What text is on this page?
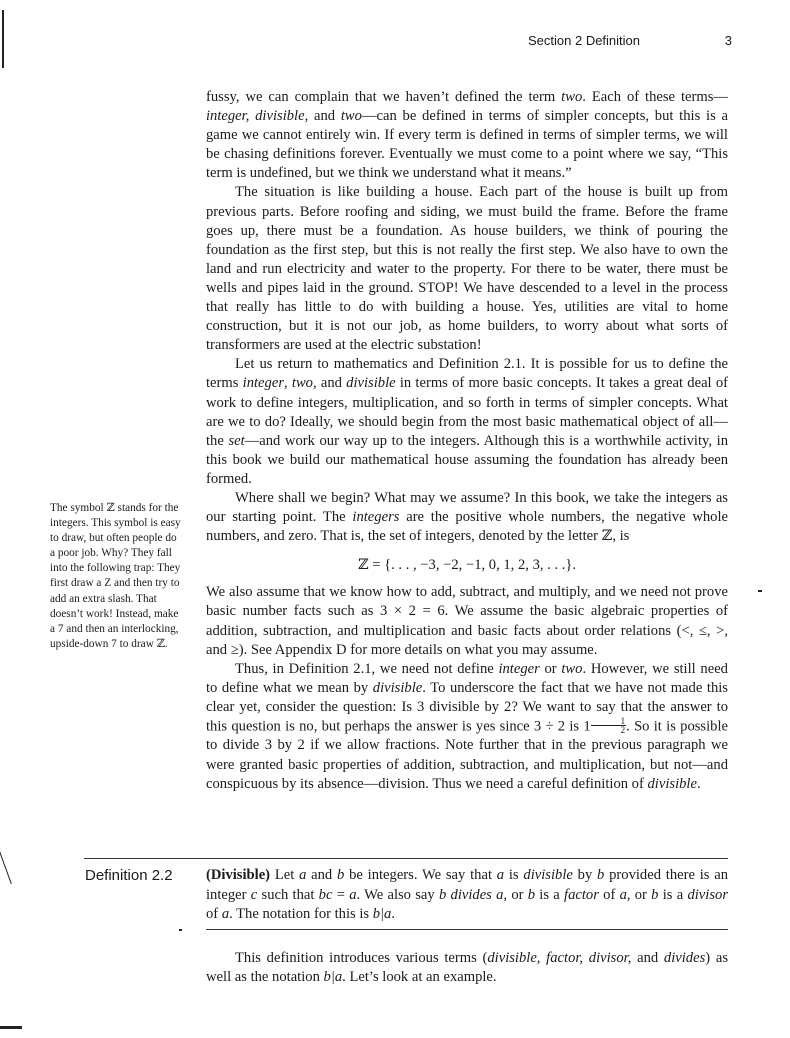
Section 2 Definition	3

fussy, we can complain that we haven’t defined the term two. Each of these terms—integer, divisible, and two—can be defined in terms of simpler concepts, but this is a game we cannot entirely win. If every term is defined in terms of simpler terms, we will be chasing definitions forever. Eventually we must come to a point where we say, “This term is undefined, but we think we understand what it means.”

The situation is like building a house. Each part of the house is built up from previous parts. Before roofing and siding, we must build the frame. Before the frame goes up, there must be a foundation. As house builders, we think of pouring the foundation as the first step, but this is not really the first step. We also have to own the land and run electricity and water to the property. For there to be water, there must be wells and pipes laid in the ground. STOP! We have descended to a level in the process that really has little to do with building a house. Yes, utilities are vital to home construction, but it is not our job, as home builders, to worry about what sorts of transformers are used at the electric substation!

Let us return to mathematics and Definition 2.1. It is possible for us to define the terms integer, two, and divisible in terms of more basic concepts. It takes a great deal of work to define integers, multiplication, and so forth in terms of simpler concepts. What are we to do? Ideally, we should begin from the most basic mathematical object of all—the set—and work our way up to the integers. Although this is a worthwhile activity, in this book we build our mathematical house assuming the foundation has already been formed.

Where shall we begin? What may we assume? In this book, we take the integers as our starting point. The integers are the positive whole numbers, the negative whole numbers, and zero. That is, the set of integers, denoted by the letter ℤ, is

ℤ = {. . . , −3, −2, −1, 0, 1, 2, 3, . . .}.

We also assume that we know how to add, subtract, and multiply, and we need not prove basic number facts such as 3 × 2 = 6. We assume the basic algebraic properties of addition, subtraction, and multiplication and basic facts about order relations (<, ≤, >, and ≥). See Appendix D for more details on what you may assume.

Thus, in Definition 2.1, we need not define integer or two. However, we still need to define what we mean by divisible. To underscore the fact that we have not made this clear yet, consider the question: Is 3 divisible by 2? We want to say that the answer to this question is no, but perhaps the answer is yes since 3 ÷ 2 is $1 \frac{1}{2}$ . So it is possible to divide 3 by 2 if we allow fractions. Note further that in the previous paragraph we were granted basic properties of addition, subtraction, and multiplication, but not—and conspicuous by its absence—division. Thus we need a careful definition of divisible.

The symbol ℤ stands for the integers. This symbol is easy to draw, but often people do a poor job. Why? They fall into the following trap: They first draw a Z and then try to add an extra slash. That doesn’t work! Instead, make a 7 and then an interlocking, upside-down 7 to draw ℤ.
Definition 2.2 (Divisible) Let a and b be integers. We say that a is divisible by b provided there is an integer c such that bc = a. We also say b divides a, or b is a factor of a, or b is a divisor of a. The notation for this is b|a.

This definition introduces various terms (divisible, factor, divisor, and divides) as well as the notation b|a. Let’s look at an example.
